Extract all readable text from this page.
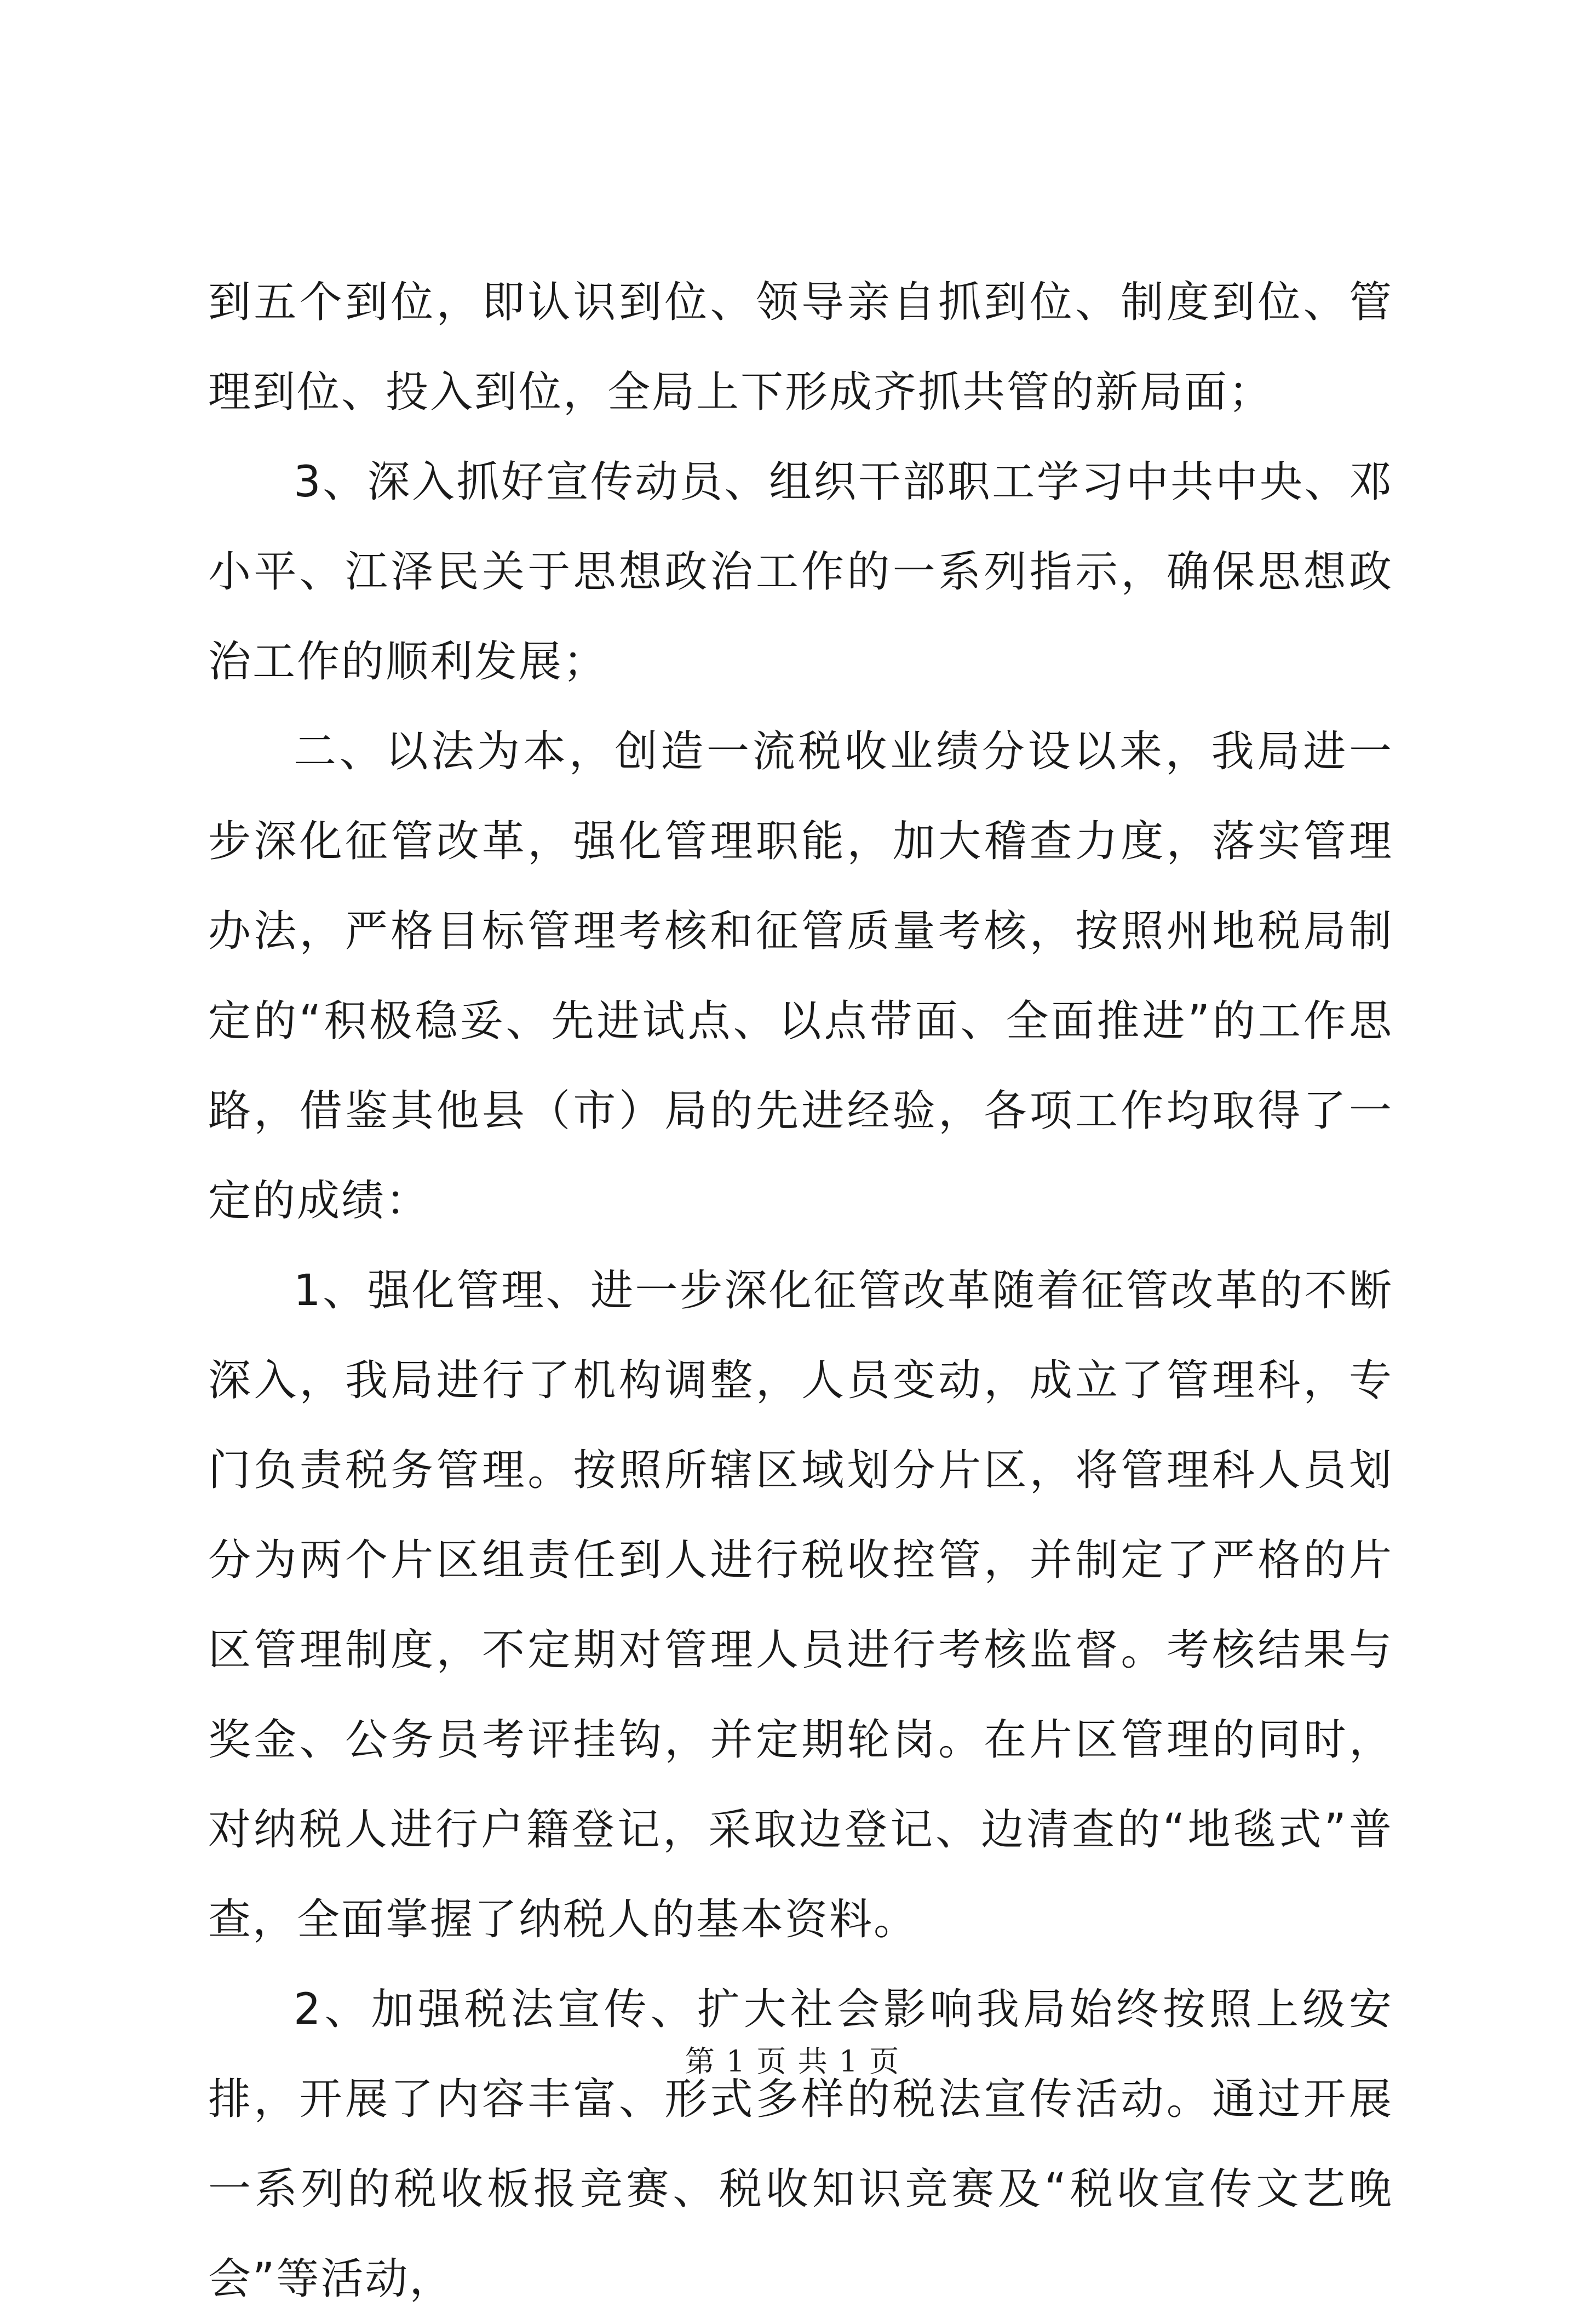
到五个到位，即认识到位、领导亲自抓到位、制度到位、管理到位、投入到位，全局上下形成齐抓共管的新局面；

3、深入抓好宣传动员、组织干部职工学习中共中央、邓小平、江泽民关于思想政治工作的一系列指示，确保思想政治工作的顺利发展；

二、以法为本，创造一流税收业绩分设以来，我局进一步深化征管改革，强化管理职能，加大稽查力度，落实管理办法，严格目标管理考核和征管质量考核，按照州地税局制定的“积极稳妥、先进试点、以点带面、全面推进”的工作思路，借鉴其他县（市）局的先进经验，各项工作均取得了一定的成绩：

1、强化管理、进一步深化征管改革随着征管改革的不断深入，我局进行了机构调整，人员变动，成立了管理科，专门负责税务管理。按照所辖区域划分片区，将管理科人员划分为两个片区组责任到人进行税收控管，并制定了严格的片区管理制度，不定期对管理人员进行考核监督。考核结果与奖金、公务员考评挂钩，并定期轮岗。在片区管理的同时，对纳税人进行户籍登记，采取边登记、边清查的“地毯式”普查，全面掌握了纳税人的基本资料。

2、加强税法宣传、扩大社会影响我局始终按照上级安排，开展了内容丰富、形式多样的税法宣传活动。通过开展一系列的税收板报竞赛、税收知识竞赛及“税收宣传文艺晚会”等活动，

第 1 页 共 1 页
